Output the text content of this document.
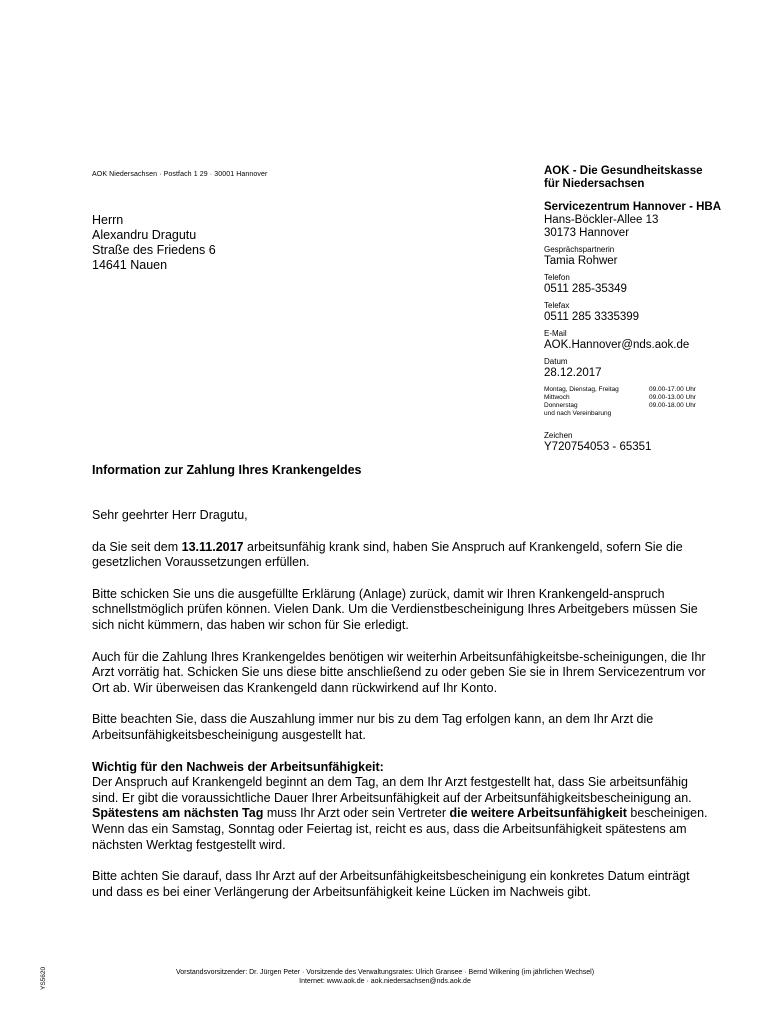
AOK Niedersachsen · Postfach 1 29 · 30001 Hannover
Herrn
Alexandru Dragutu
Straße des Friedens 6
14641 Nauen
AOK - Die Gesundheitskasse
für Niedersachsen
Servicezentrum Hannover - HBA
Hans-Böckler-Allee 13
30173 Hannover
Gesprächspartnerin
Tamia Rohwer
Telefon
0511 285-35349
Telefax
0511 285 3335399
E-Mail
AOK.Hannover@nds.aok.de
Datum
28.12.2017
Montag, Dienstag, Freitag	09.00-17.00 Uhr
Mittwoch	09.00-13.00 Uhr
Donnerstag	09.00-18.00 Uhr
und nach Vereinbarung
Zeichen
Y720754053 - 65351
Information zur Zahlung Ihres Krankengeldes

Sehr geehrter Herr Dragutu,

da Sie seit dem 13.11.2017 arbeitsunfähig krank sind, haben Sie Anspruch auf Krankengeld, sofern Sie die gesetzlichen Voraussetzungen erfüllen.

Bitte schicken Sie uns die ausgefüllte Erklärung (Anlage) zurück, damit wir Ihren Krankengeld-anspruch schnellstmöglich prüfen können. Vielen Dank. Um die Verdienstbescheinigung Ihres Arbeitgebers müssen Sie sich nicht kümmern, das haben wir schon für Sie erledigt.

Auch für die Zahlung Ihres Krankengeldes benötigen wir weiterhin Arbeitsunfähigkeitsbe-scheinigungen, die Ihr Arzt vorrätig hat. Schicken Sie uns diese bitte anschließend zu oder geben Sie sie in Ihrem Servicezentrum vor Ort ab. Wir überweisen das Krankengeld dann rückwirkend auf Ihr Konto.

Bitte beachten Sie, dass die Auszahlung immer nur bis zu dem Tag erfolgen kann, an dem Ihr Arzt die Arbeitsunfähigkeitsbescheinigung ausgestellt hat.

Wichtig für den Nachweis der Arbeitsunfähigkeit:
Der Anspruch auf Krankengeld beginnt an dem Tag, an dem Ihr Arzt festgestellt hat, dass Sie arbeitsunfähig sind. Er gibt die voraussichtliche Dauer Ihrer Arbeitsunfähigkeit auf der Arbeitsunfähigkeitsbescheinigung an. Spätestens am nächsten Tag muss Ihr Arzt oder sein Vertreter die weitere Arbeitsunfähigkeit bescheinigen. Wenn das ein Samstag, Sonntag oder Feiertag ist, reicht es aus, dass die Arbeitsunfähigkeit spätestens am nächsten Werktag festgestellt wird.

Bitte achten Sie darauf, dass Ihr Arzt auf der Arbeitsunfähigkeitsbescheinigung ein konkretes Datum einträgt und dass es bei einer Verlängerung der Arbeitsunfähigkeit keine Lücken im Nachweis gibt.

Vorstandsvorsitzender: Dr. Jürgen Peter · Vorsitzende des Verwaltungsrates: Ulrich Gransee · Bernd Wilkening (im jährlichen Wechsel)
Internet: www.aok.de · aok.niedersachsen@nds.aok.de
YS5620
